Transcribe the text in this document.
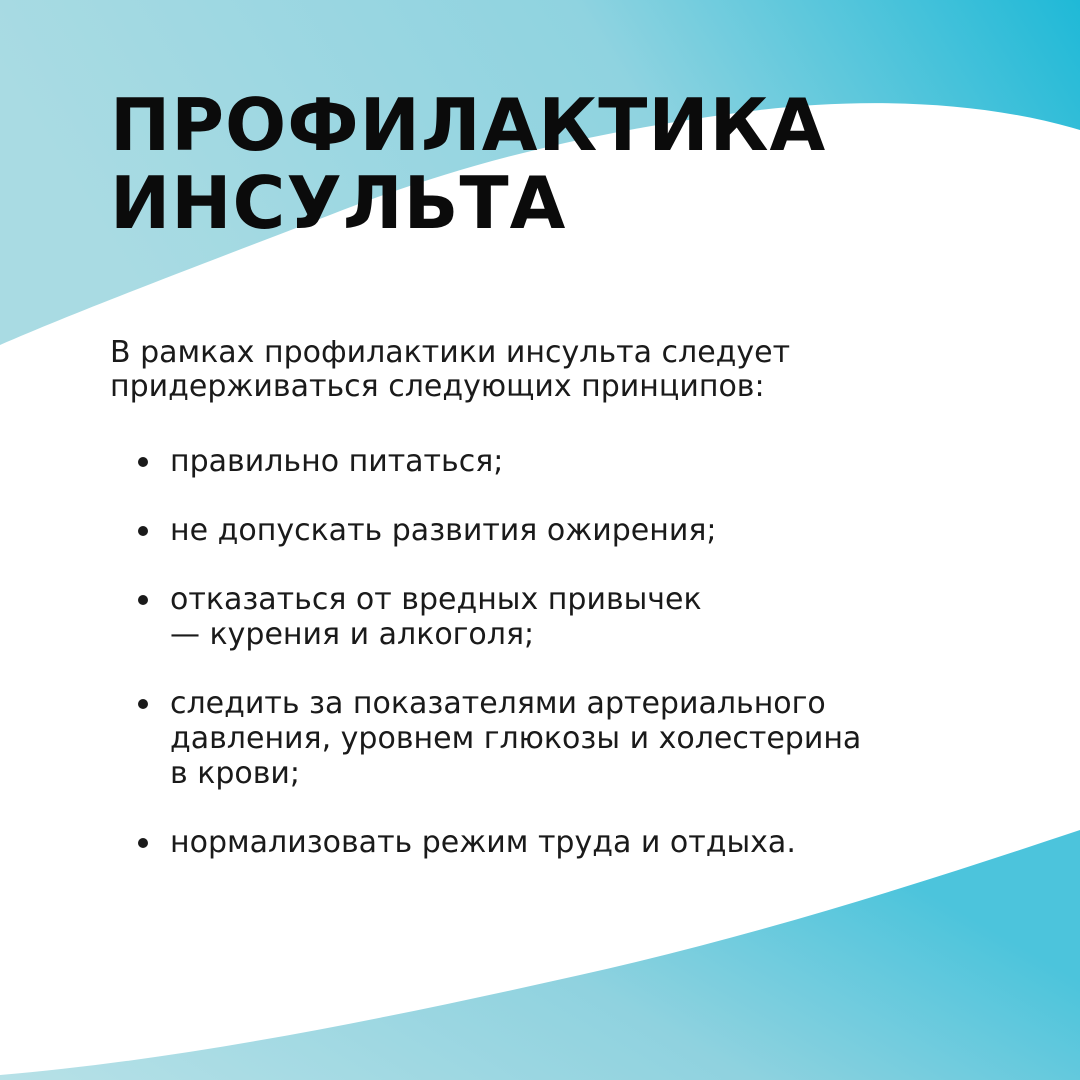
ПРОФИЛАКТИКА
ИНСУЛЬТА

В рамках профилактики инсульта следует
придерживаться следующих принципов:

правильно питаться;
не допускать развития ожирения;
отказаться от вредных привычек
— курения и алкоголя;
следить за показателями артериального
давления, уровнем глюкозы и холестерина
в крови;
нормализовать режим труда и отдыха.
